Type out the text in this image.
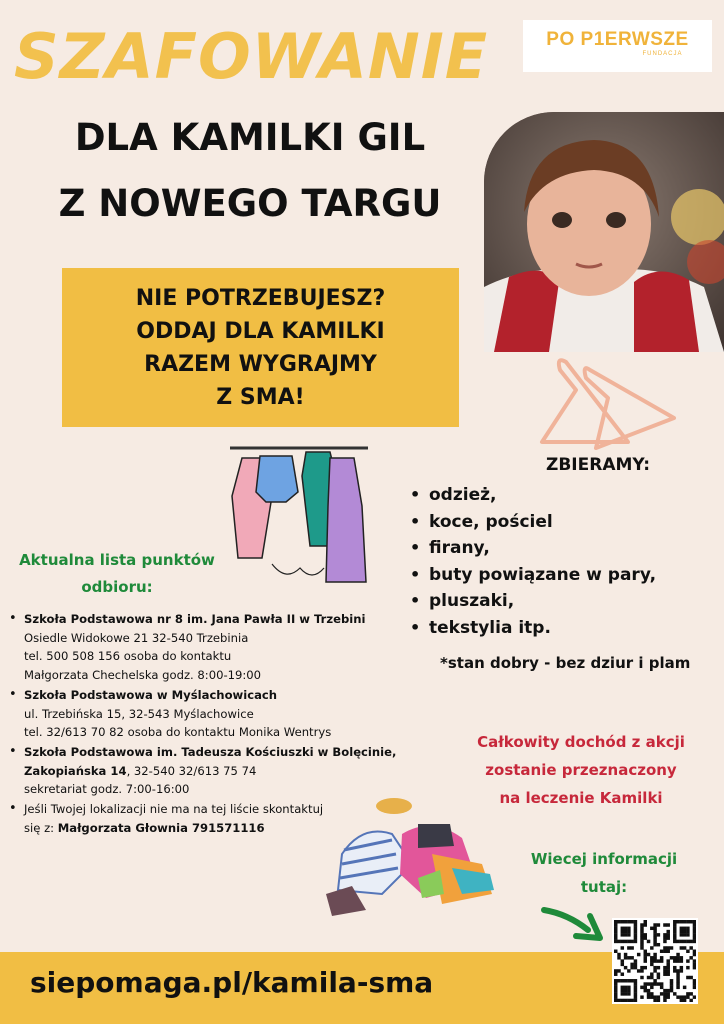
SZAFOWANIE	PO P1ERWSZE
FUNDACJA
DLA KAMILKI GIL
Z NOWEGO TARGU
NIE POTRZEBUJESZ?
ODDAJ DLA KAMILKI
RAZEM WYGRAJMY
Z SMA!
ZBIERAMY:
• odzież,
• koce, pościel
• firany,
• buty powiązane w pary,
• pluszaki,
• tekstylia itp.
*stan dobry - bez dziur i plam
Aktualna lista punktów
odbioru:
• Szkoła Podstawowa nr 8 im. Jana Pawła II w Trzebini
Osiedle Widokowe 21 32-540 Trzebinia
tel. 500 508 156 osoba do kontaktu
Małgorzata Chechelska godz. 8:00-19:00
• Szkoła Podstawowa w Myślachowicach
ul. Trzebińska 15, 32-543 Myślachowice
tel. 32/613 70 82 osoba do kontaktu Monika Wentrys
• Szkoła Podstawowa im. Tadeusza Kościuszki w Bolęcinie, Zakopiańska 14, 32-540 32/613 75 74
sekretariat godz. 7:00-16:00
• Jeśli Twojej lokalizacji nie ma na tej liście skontaktuj
się z: Małgorzata Głownia 791571116
Całkowity dochód z akcji
zostanie przeznaczony
na leczenie Kamilki
Wiecej informacji
tutaj:
siepomaga.pl/kamila-sma
